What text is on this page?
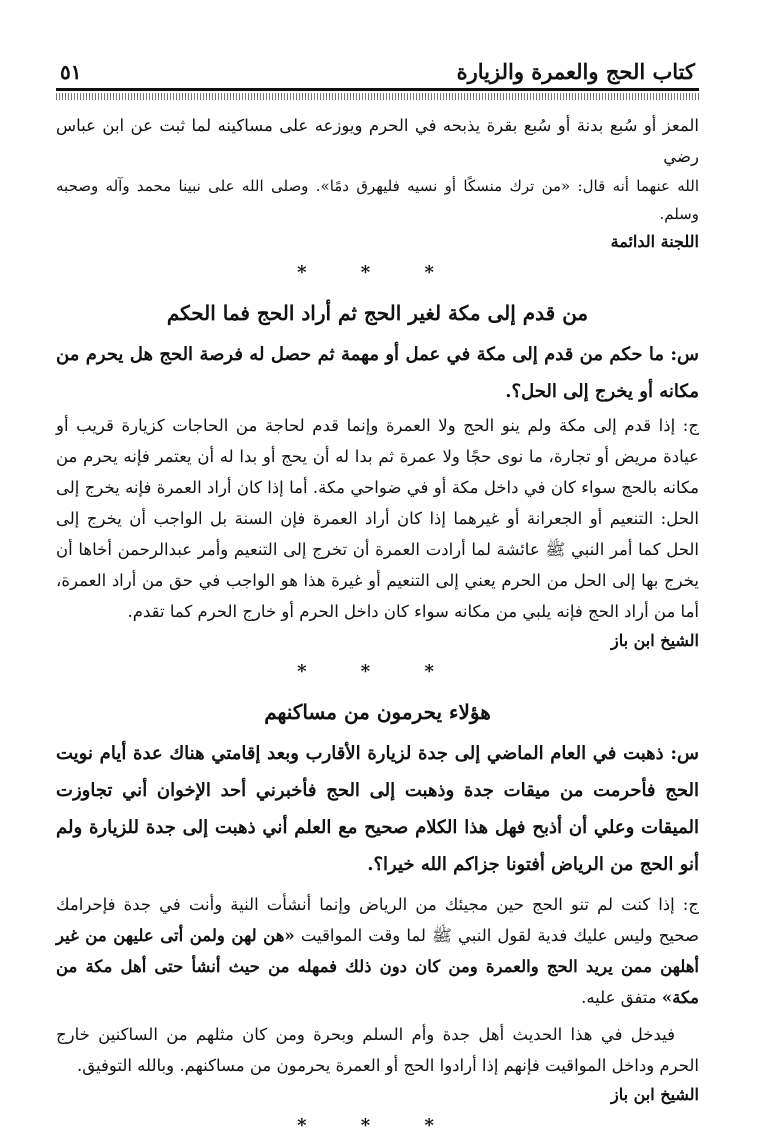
كتاب الحج والعمرة والزيارة
٥١

المعز أو سُبع بدنة أو سُبع بقرة يذبحه في الحرم ويوزعه على مساكينه لما ثبت عن ابن عباس رضي

الله عنهما أنه قال: «من ترك منسكًا أو نسيه فليهرق دمًا». وصلى الله على نبينا محمد وآله وصحبه وسلم.

اللجنة الدائمة
* * *
من قدم إلى مكة لغير الحج ثم أراد الحج فما الحكم

س: ما حكم من قدم إلى مكة في عمل أو مهمة ثم حصل له فرصة الحج هل يحرم من مكانه أو يخرج إلى الحل؟.

ج: إذا قدم إلى مكة ولم ينو الحج ولا العمرة وإنما قدم لحاجة من الحاجات كزيارة قريب أو عيادة مريض أو تجارة، ما نوى حجًا ولا عمرة ثم بدا له أن يحج أو بدا له أن يعتمر فإنه يحرم من مكانه بالحج سواء كان في داخل مكة أو في ضواحي مكة. أما إذا كان أراد العمرة فإنه يخرج إلى الحل: التنعيم أو الجعرانة أو غيرهما إذا كان أراد العمرة فإن السنة بل الواجب أن يخرج إلى الحل كما أمر النبي ﷺ عائشة لما أرادت العمرة أن تخرج إلى التنعيم وأمر عبدالرحمن أخاها أن يخرج بها إلى الحل من الحرم يعني إلى التنعيم أو غيرة هذا هو الواجب في حق من أراد العمرة، أما من أراد الحج فإنه يلبي من مكانه سواء كان داخل الحرم أو خارج الحرم كما تقدم.

الشيخ ابن باز
* * *
هؤلاء يحرمون من مساكنهم

س: ذهبت في العام الماضي إلى جدة لزيارة الأقارب وبعد إقامتي هناك عدة أيام نويت الحج فأحرمت من ميقات جدة وذهبت إلى الحج فأخبرني أحد الإخوان أني تجاوزت الميقات وعلي أن أذبح فهل هذا الكلام صحيح مع العلم أني ذهبت إلى جدة للزيارة ولم أنو الحج من الرياض أفتونا جزاكم الله خيرا؟.

ج: إذا كنت لم تنو الحج حين مجيئك من الرياض وإنما أنشأت النية وأنت في جدة فإحرامك صحيح وليس عليك فدية لقول النبي ﷺ لما وقت المواقيت «هن لهن ولمن أتى عليهن من غير أهلهن ممن يريد الحج والعمرة ومن كان دون ذلك فمهله من حيث أنشأ حتى أهل مكة من مكة» متفق عليه.

فيدخل في هذا الحديث أهل جدة وأم السلم وبحرة ومن كان مثلهم من الساكنين خارج الحرم وداخل المواقيت فإنهم إذا أرادوا الحج أو العمرة يحرمون من مساكنهم. وبالله التوفيق.

الشيخ ابن باز
* * *
